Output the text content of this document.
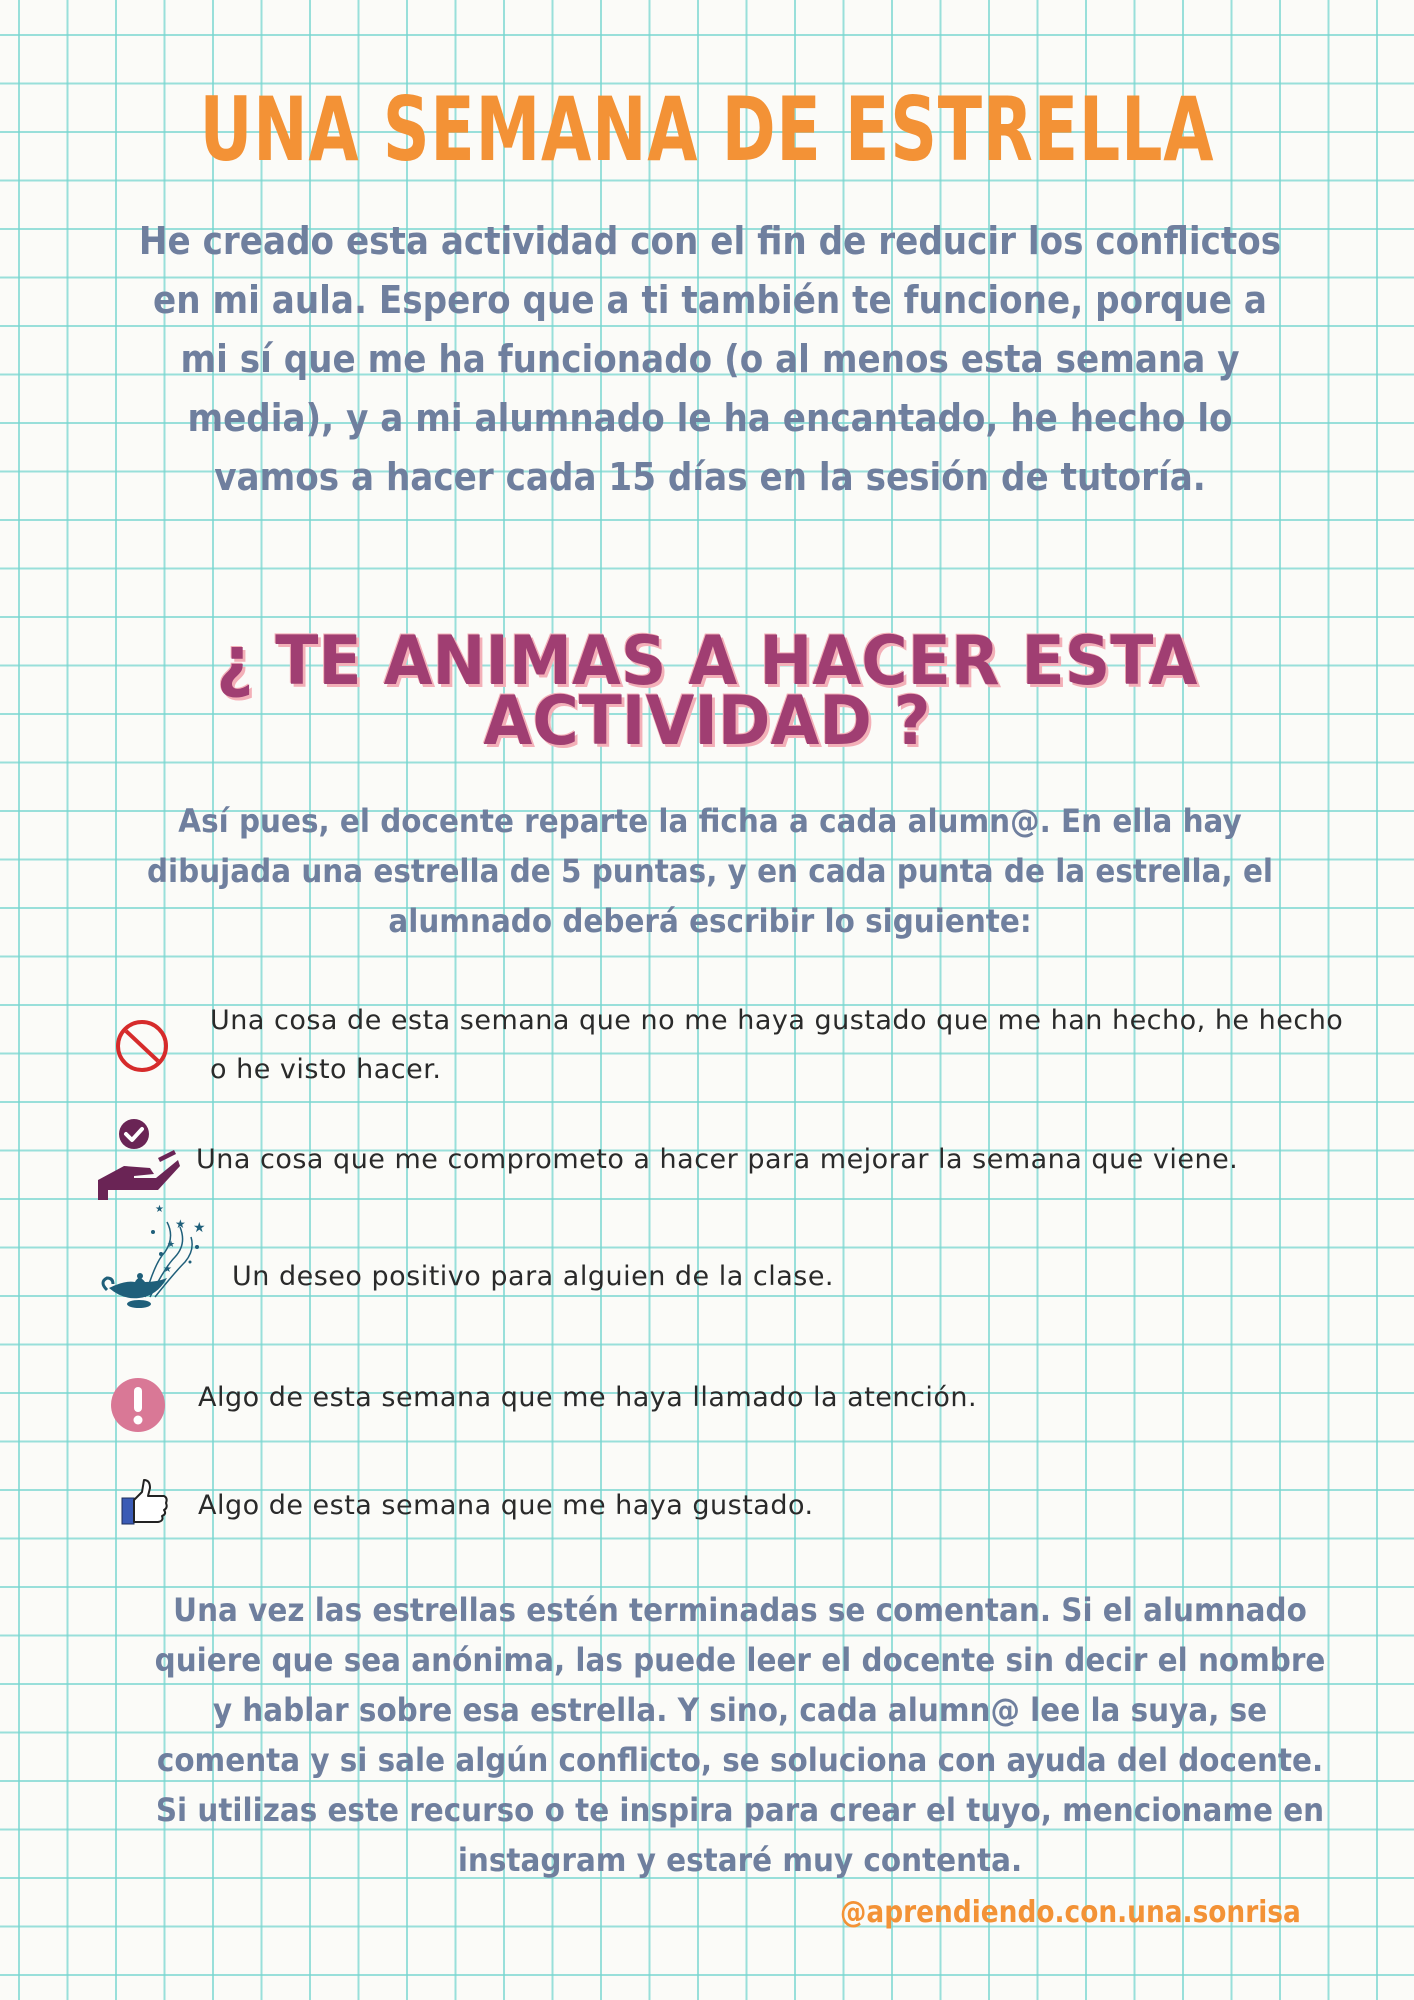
UNA SEMANA DE ESTRELLA
He creado esta actividad con el fin de reducir los conflictos en mi aula. Espero que a ti también te funcione, porque a mi sí que me ha funcionado (o al menos esta semana y media), y a mi alumnado le ha encantado, he hecho lo vamos a hacer cada 15 días en la sesión de tutoría.
¿ TE ANIMAS A HACER ESTA
ACTIVIDAD ?
Así pues, el docente reparte la ficha a cada alumn@. En ella hay dibujada una estrella de 5 puntas, y en cada punta de la estrella, el alumnado deberá escribir lo siguiente:
Una cosa de esta semana que no me haya gustado que me han hecho, he hecho
o he visto hacer.
Una cosa que me comprometo a hacer para mejorar la semana que viene.
★
★ ★
★
★ Un deseo positivo para alguien de la clase.
Algo de esta semana que me haya llamado la atención.
Algo de esta semana que me haya gustado.
Una vez las estrellas estén terminadas se comentan. Si el alumnado quiere que sea anónima, las puede leer el docente sin decir el nombre y hablar sobre esa estrella. Y sino, cada alumn@ lee la suya, se comenta y si sale algún conflicto, se soluciona con ayuda del docente. Si utilizas este recurso o te inspira para crear el tuyo, mencioname en instagram y estaré muy contenta.
@aprendiendo.con.una.sonrisa
